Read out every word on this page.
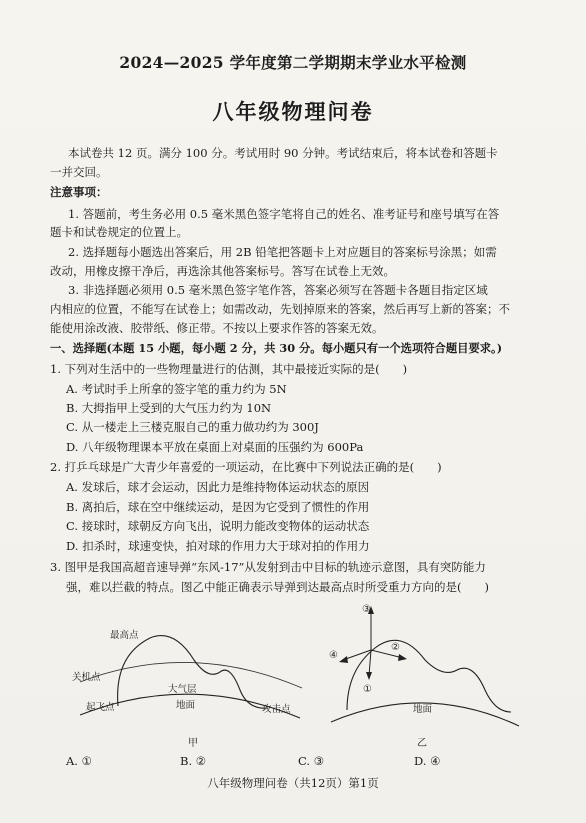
2024—2025 学年度第二学期期末学业水平检测
八年级物理问卷
本试卷共 12 页。满分 100 分。考试用时 90 分钟。考试结束后，将本试卷和答题卡
一并交回。
注意事项：
1. 答题前，考生务必用 0.5 毫米黑色签字笔将自己的姓名、准考证号和座号填写在答
题卡和试卷规定的位置上。
2. 选择题每小题选出答案后，用 2B 铅笔把答题卡上对应题目的答案标号涂黑；如需
改动，用橡皮擦干净后，再选涂其他答案标号。答写在试卷上无效。
3. 非选择题必须用 0.5 毫米黑色签字笔作答，答案必须写在答题卡各题目指定区域
内相应的位置，不能写在试卷上；如需改动，先划掉原来的答案，然后再写上新的答案；不
能使用涂改液、胶带纸、修正带。不按以上要求作答的答案无效。
一、选择题(本题 15 小题，每小题 2 分，共 30 分。每小题只有一个选项符合题目要求。)
1. 下列对生活中的一些物理量进行的估测，其中最接近实际的是(　　)
A. 考试时手上所拿的签字笔的重力约为 5N
B. 大拇指甲上受到的大气压力约为 10N
C. 从一楼走上三楼克服自己的重力做功约为 300J
D. 八年级物理课本平放在桌面上对桌面的压强约为 600Pa
2. 打乒乓球是广大青少年喜爱的一项运动，在比赛中下列说法正确的是(　　)
A. 发球后，球才会运动，因此力是维持物体运动状态的原因
B. 离拍后，球在空中继续运动，是因为它受到了惯性的作用
C. 接球时，球朝反方向飞出，说明力能改变物体的运动状态
D. 扣杀时，球速变快，拍对球的作用力大于球对拍的作用力
3. 图甲是我国高超音速导弹“东风-17”从发射到击中目标的轨迹示意图，具有突防能力
强，难以拦截的特点。图乙中能正确表示导弹到达最高点时所受重力方向的是(　　)
最高点
关机点
大气层
起飞点	地面	攻击点
甲
③
④
②
①
地面
乙
A. ①	B. ②	C. ③	D. ④
八年级物理问卷（共12页）第1页
